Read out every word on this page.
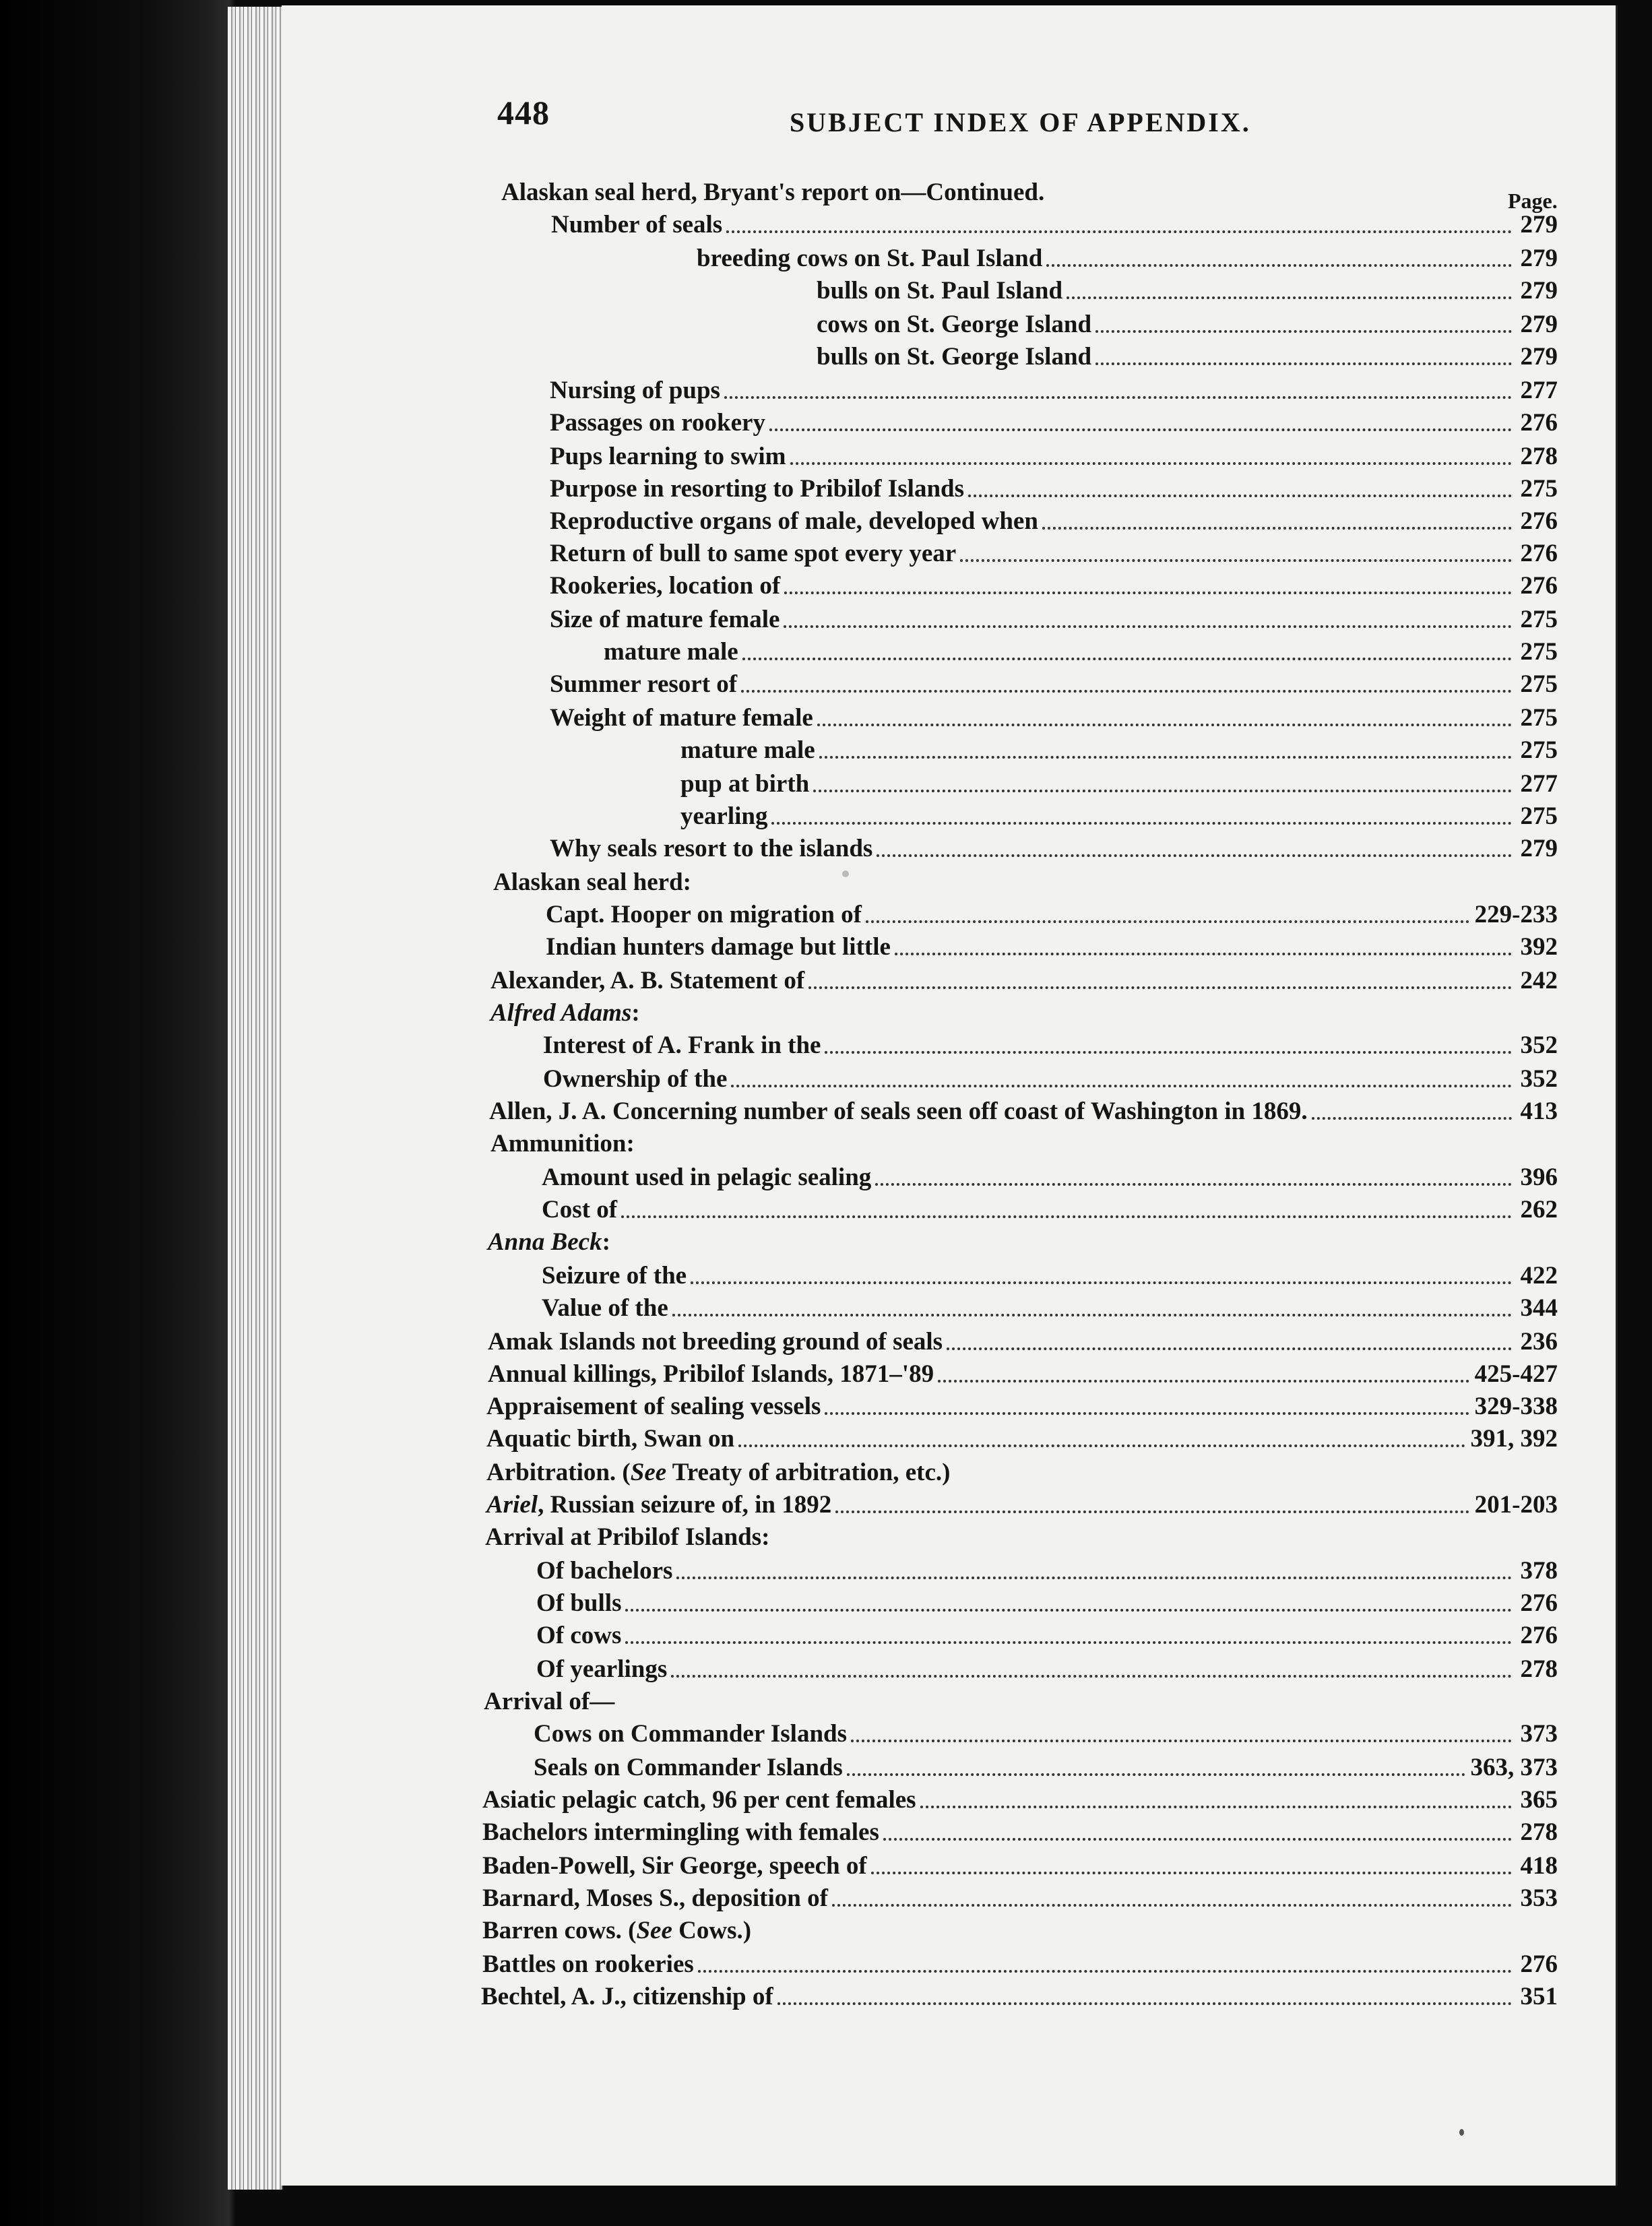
448	SUBJECT INDEX OF APPENDIX.
Page.
Alaskan seal herd, Bryant's report on—Continued.
Number of seals	279
breeding cows on St. Paul Island	279
bulls on St. Paul Island	279
cows on St. George Island	279
bulls on St. George Island	279
Nursing of pups	277
Passages on rookery	276
Pups learning to swim	278
Purpose in resorting to Pribilof Islands	275
Reproductive organs of male, developed when	276
Return of bull to same spot every year	276
Rookeries, location of	276
Size of mature female	275
mature male	275
Summer resort of	275
Weight of mature female	275
mature male	275
pup at birth	277
yearling	275
Why seals resort to the islands	279
Alaskan seal herd:
Capt. Hooper on migration of	229-233
Indian hunters damage but little	392
Alexander, A. B. Statement of	242
Alfred Adams:
Interest of A. Frank in the	352
Ownership of the	352
Allen, J. A. Concerning number of seals seen off coast of Washington in 1869.	413
Ammunition:
Amount used in pelagic sealing	396
Cost of	262
Anna Beck:
Seizure of the	422
Value of the	344
Amak Islands not breeding ground of seals	236
Annual killings, Pribilof Islands, 1871–'89	425-427
Appraisement of sealing vessels	329-338
Aquatic birth, Swan on	391, 392
Arbitration. (See Treaty of arbitration, etc.)
Ariel, Russian seizure of, in 1892	201-203
Arrival at Pribilof Islands:
Of bachelors	378
Of bulls	276
Of cows	276
Of yearlings	278
Arrival of—
Cows on Commander Islands	373
Seals on Commander Islands	363, 373
Asiatic pelagic catch, 96 per cent females	365
Bachelors intermingling with females	278
Baden-Powell, Sir George, speech of	418
Barnard, Moses S., deposition of	353
Barren cows. (See Cows.)
Battles on rookeries	276
Bechtel, A. J., citizenship of	351
